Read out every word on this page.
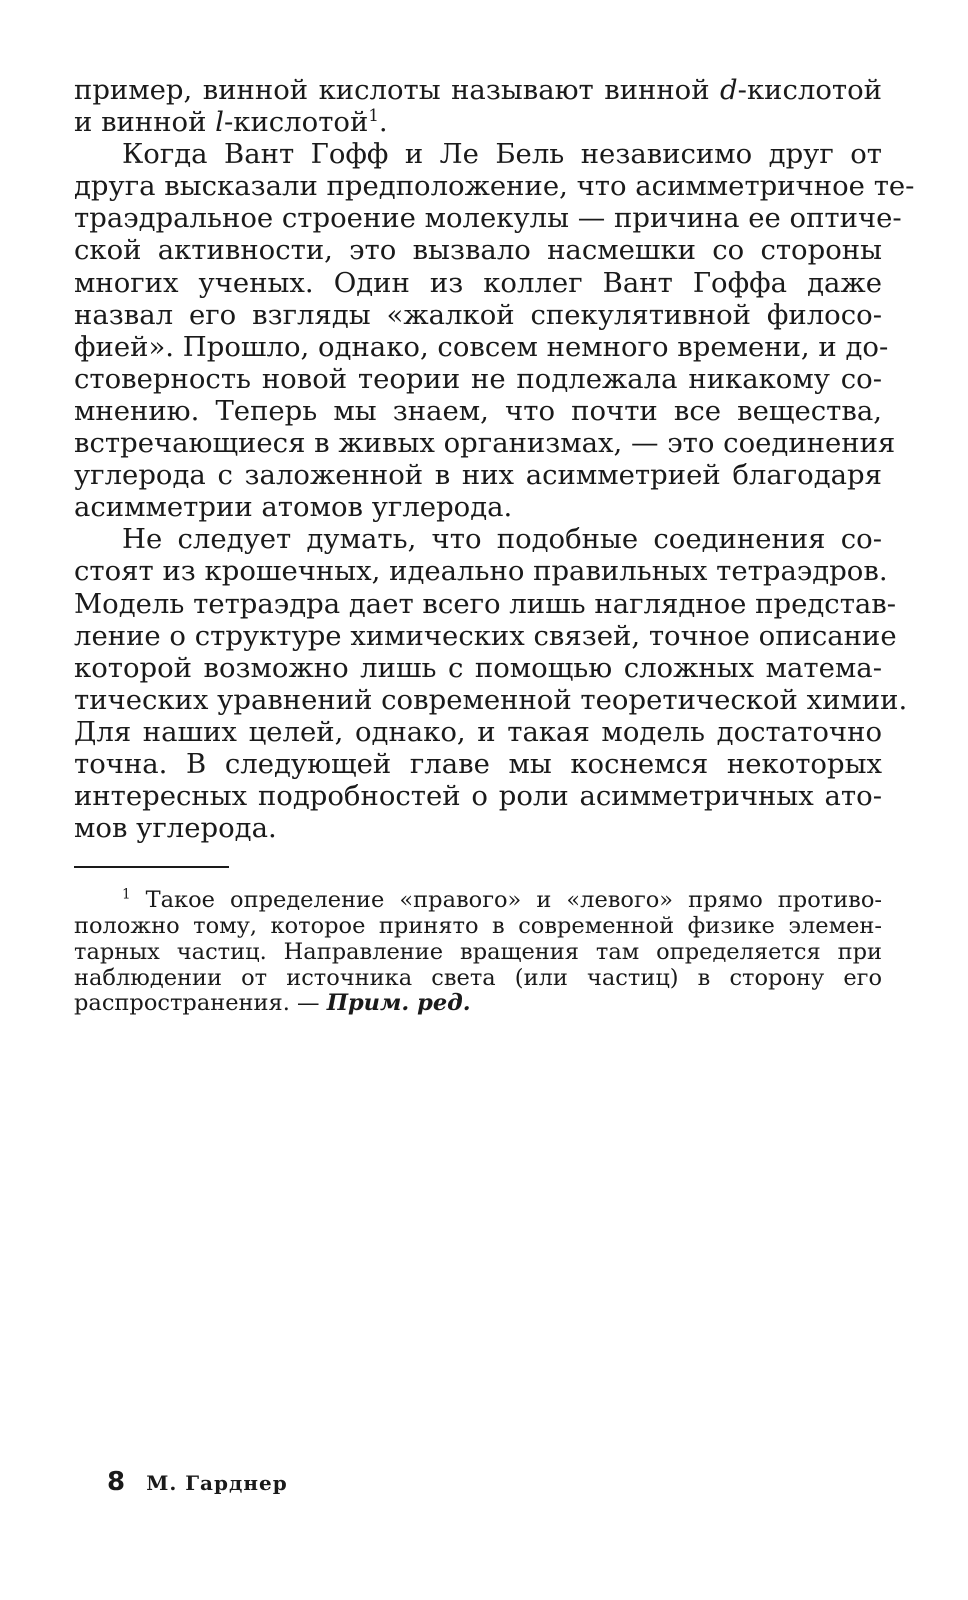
пример, винной кислоты называют винной d-кислотой
и винной l-кислотой$^1$.
Когда Вант Гофф и Ле Бель независимо друг от
друга высказали предположение, что асимметричное те-
траэдральное строение молекулы — причина ее оптиче-
ской активности, это вызвало насмешки со стороны
многих ученых. Один из коллег Вант Гоффа даже
назвал его взгляды «жалкой спекулятивной филосо-
фией». Прошло, однако, совсем немного времени, и до-
стоверность новой теории не подлежала никакому со-
мнению. Теперь мы знаем, что почти все вещества,
встречающиеся в живых организмах, — это соединения
углерода с заложенной в них асимметрией благодаря
асимметрии атомов углерода.
Не следует думать, что подобные соединения со-
стоят из крошечных, идеально правильных тетраэдров.
Модель тетраэдра дает всего лишь наглядное представ-
ление о структуре химических связей, точное описание
которой возможно лишь с помощью сложных матема-
тических уравнений современной теоретической химии.
Для наших целей, однако, и такая модель достаточно
точна. В следующей главе мы коснемся некоторых
интересных подробностей о роли асимметричных ато-
мов углерода.
$^1$ Такое определение «правого» и «левого» прямо противо-
положно тому, которое принято в современной физике элемен-
тарных частиц. Направление вращения там определяется при
наблюдении от источника света (или частиц) в сторону его
распространения. — Прим. ред.
8 М. Гарднер
